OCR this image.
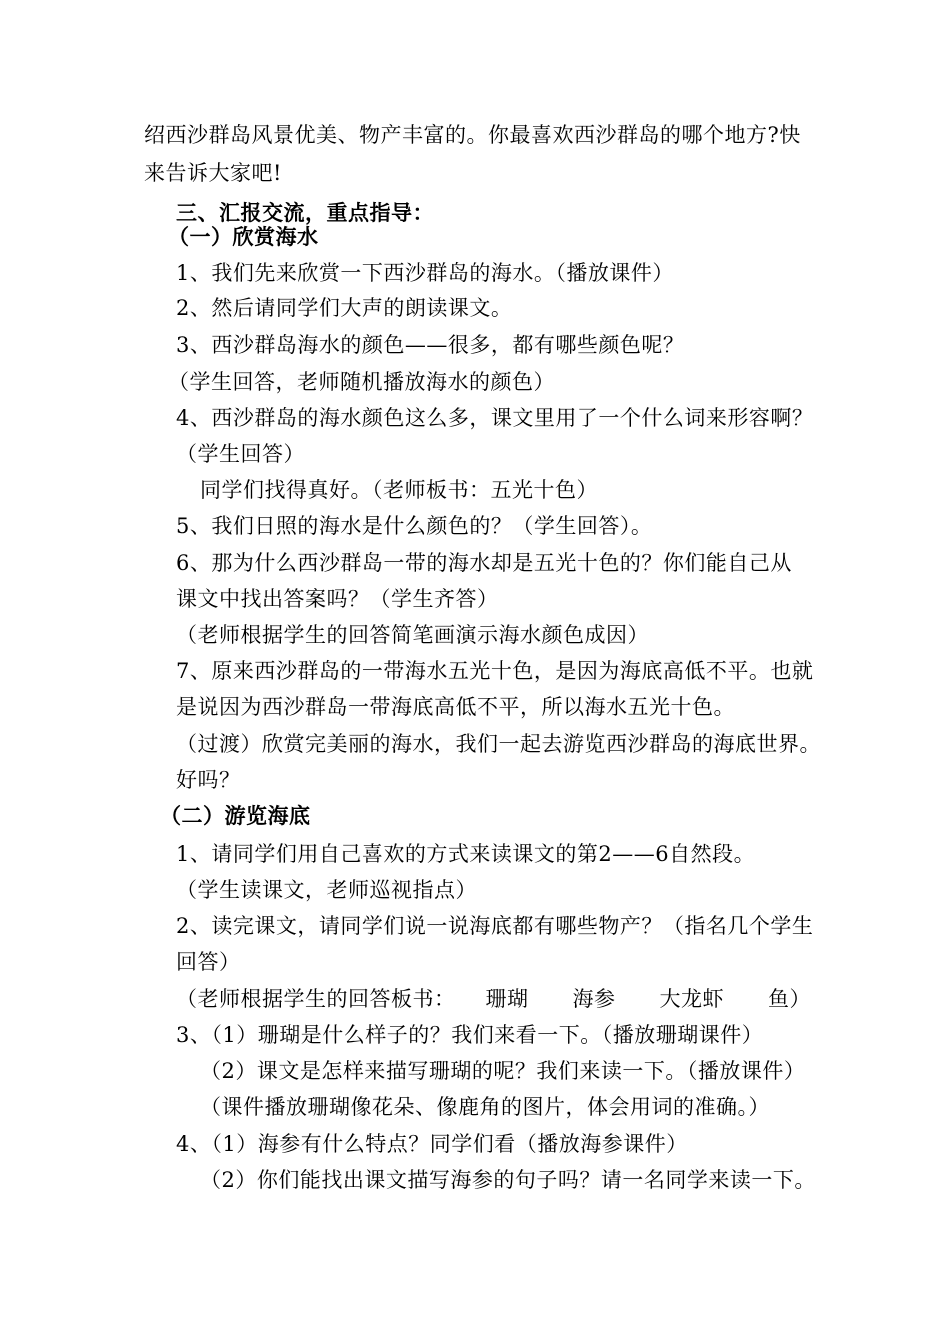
绍西沙群岛风景优美、物产丰富的。你最喜欢西沙群岛的哪个地方?快
来告诉大家吧!
三、汇报交流，重点指导：
（一）欣赏海水
1、我们先来欣赏一下西沙群岛的海水。（播放课件）
2、然后请同学们大声的朗读课文。
3、西沙群岛海水的颜色——很多，都有哪些颜色呢？
（学生回答，老师随机播放海水的颜色）
4、西沙群岛的海水颜色这么多，课文里用了一个什么词来形容啊？
（学生回答）
同学们找得真好。（老师板书：五光十色）
5、我们日照的海水是什么颜色的？（学生回答）。
6、那为什么西沙群岛一带的海水却是五光十色的？你们能自己从
课文中找出答案吗？（学生齐答）
（老师根据学生的回答简笔画演示海水颜色成因）
7、原来西沙群岛的一带海水五光十色，是因为海底高低不平。也就
是说因为西沙群岛一带海底高低不平，所以海水五光十色。
（过渡）欣赏完美丽的海水，我们一起去游览西沙群岛的海底世界。
好吗？
（二）游览海底
1、请同学们用自己喜欢的方式来读课文的第2——6自然段。
（学生读课文，老师巡视指点）
2、读完课文，请同学们说一说海底都有哪些物产？（指名几个学生
回答）
（老师根据学生的回答板书： 珊瑚 海参 大龙虾 鱼）
3、（1）珊瑚是什么样子的？我们来看一下。（播放珊瑚课件）
（2）课文是怎样来描写珊瑚的呢？我们来读一下。（播放课件）
（课件播放珊瑚像花朵、像鹿角的图片，体会用词的准确。）
4、（1）海参有什么特点？同学们看（播放海参课件）
（2）你们能找出课文描写海参的句子吗？请一名同学来读一下。
